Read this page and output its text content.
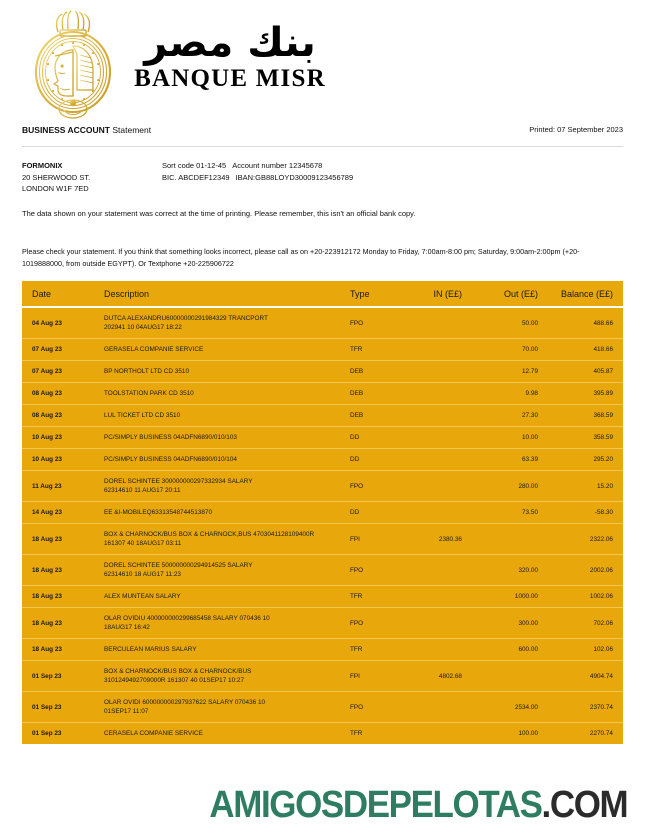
بنك مصر
BANQUE MISR
BUSINESS ACCOUNT Statement	Printed: 07 September 2023
FORMONIX
20 SHERWOOD ST.
LONDON W1F 7ED
Sort code 01-12-45 Account number 12345678
BIC. ABCDEF12349 IBAN:GB88LOYD30009123456789
The data shown on your statement was correct at the time of printing. Please remember, this isn't an official bank copy.
Please check your statement. If you think that something looks incorrect, please call as on +20-223912172 Monday to Friday, 7:00am-8:00 pm; Saturday, 9:00am-2:00pm (+20-1019888000, from outside EGYPT). Or Textphone +20-225906722
Date	Description	Type	IN (E£)	Out (E£)	Balance (E£)
04 Aug 23	DUTCA ALEXANDRU60000000291984329 TRANCPORT
202941 10 04AUG17 18:22	FPO		50.00	488.66
07 Aug 23	GERASELA COMPANIE SERVICE	TFR		70.00	418.66
07 Aug 23	BP NORTHOLT LTD CD 3510	DEB		12.79	405.87
08 Aug 23	TOOLSTATION PARK CD 3510	DEB		9.98	395.89
08 Aug 23	LUL TICKET LTD CD 3510	DEB		27.30	368.59
10 Aug 23	PC/SIMPLY BUSINESS 04ADFN6890/010/103	DD		10.00	358.59
10 Aug 23	PC/SIMPLY BUSINESS 04ADFN6890/010/104	DD		63.39	295.20
11 Aug 23	DOREL SCHINTEE 300000000297332934 SALARY
62314610 11 AUG17 20:11	FPO		280.00	15.20
14 Aug 23	EE &I-MOBILEQ63313548744513870	DD		73.50	-58.30
18 Aug 23	BOX & CHARNOCK/BUS BOX & CHARNOCK,BUS 4703041128109400R
161307 40 18AUG17 03:11	FPI	2380.36		2322.06
18 Aug 23	DOREL SCHINTEE 500000000294914525 SALARY
62314610 18 AUG17 11:23	FPO		320.00	2002.06
18 Aug 23	ALEX MUNTEAN SALARY	TFR		1000.00	1002.06
18 Aug 23	OLAR OVIDIU 400000000299685458 SALARY 070436 10
18AUG17 16:42	FPO		300.00	702.06
18 Aug 23	BERCULEAN MARIUS SALARY	TFR		600.00	102.06
01 Sep 23	BOX & CHARNOCK/BUS BOX & CHARNOCK/BUS
3101249492709000R 161307 40 01SEP17 10:27	FPI	4802.68		4904.74
01 Sep 23	OLAR OVIDI 600000000297937622 SALARY 070436 10
01SEP17 11:07	FPO		2534.00	2370.74
01 Sep 23	CERASELA COMPANIE SERVICE	TFR		100.00	2270.74
AMIGOSDEPELOTAS.COM
